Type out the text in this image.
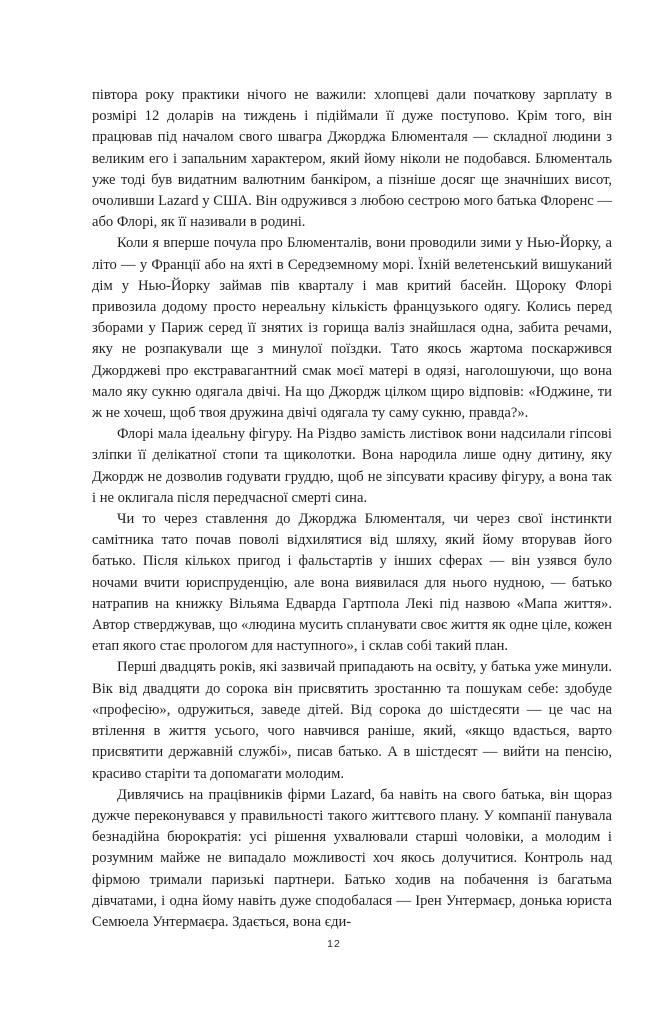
півтора року практики нічого не важили: хлопцеві дали початкову зарплату в розмірі 12 доларів на тиждень і підіймали її дуже поступово. Крім того, він працював під началом свого швагра Джорджа Блюменталя — складної людини з великим его і запальним характером, який йому ніколи не подобався. Блюменталь уже тоді був видатним валютним банкіром, а пізніше досяг ще значніших висот, очоливши Lazard у США. Він одружився з любою сестрою мого батька Флоренс — або Флорі, як її називали в родині.

Коли я вперше почула про Блюменталів, вони проводили зими у Нью-Йорку, а літо — у Франції або на яхті в Середземному морі. Їхній велетенський вишуканий дім у Нью-Йорку займав пів кварталу і мав критий басейн. Щороку Флорі привозила додому просто нереальну кількість французького одягу. Колись перед зборами у Париж серед її знятих із горища валіз знайшлася одна, забита речами, яку не розпакували ще з минулої поїздки. Тато якось жартома поскаржився Джорджеві про екстравагантний смак моєї матері в одязі, наголошуючи, що вона мало яку сукню одягала двічі. На що Джордж цілком щиро відповів: «Юджине, ти ж не хочеш, щоб твоя дружина двічі одягала ту саму сукню, правда?».

Флорі мала ідеальну фігуру. На Різдво замість листівок вони надсилали гіпсові зліпки її делікатної стопи та щиколотки. Вона народила лише одну дитину, яку Джордж не дозволив годувати груддю, щоб не зіпсувати красиву фігуру, а вона так і не оклигала після передчасної смерті сина.

Чи то через ставлення до Джорджа Блюменталя, чи через свої інстинкти самітника тато почав поволі відхилятися від шляху, який йому вторував його батько. Після кількох пригод і фальстартів у інших сферах — він узявся було ночами вчити юриспруденцію, але вона виявилася для нього нудною, — батько натрапив на книжку Вільяма Едварда Гартпола Лекі під назвою «Мапа життя». Автор стверджував, що «людина мусить спланувати своє життя як одне ціле, кожен етап якого стає прологом для наступного», і склав собі такий план.

Перші двадцять років, які зазвичай припадають на освіту, у батька уже минули. Вік від двадцяти до сорока він присвятить зростанню та пошукам себе: здобуде «професію», одружиться, заведе дітей. Від сорока до шістдесяти — це час на втілення в життя усього, чого навчився раніше, який, «якщо вдасться, варто присвятити державній службі», писав батько. А в шістдесят — вийти на пенсію, красиво старіти та допомагати молодим.

Дивлячись на працівників фірми Lazard, ба навіть на свого батька, він щораз дужче переконувався у правильності такого життєвого плану. У компанії панувала безнадійна бюрократія: усі рішення ухвалювали старші чоловіки, а молодим і розумним майже не випадало можливості хоч якось долучитися. Контроль над фірмою тримали паризькі партнери. Батько ходив на побачення із багатьма дівчатами, і одна йому навіть дуже сподобалася — Ірен Унтермаєр, донька юриста Семюела Унтермаєра. Здається, вона єди-

12
